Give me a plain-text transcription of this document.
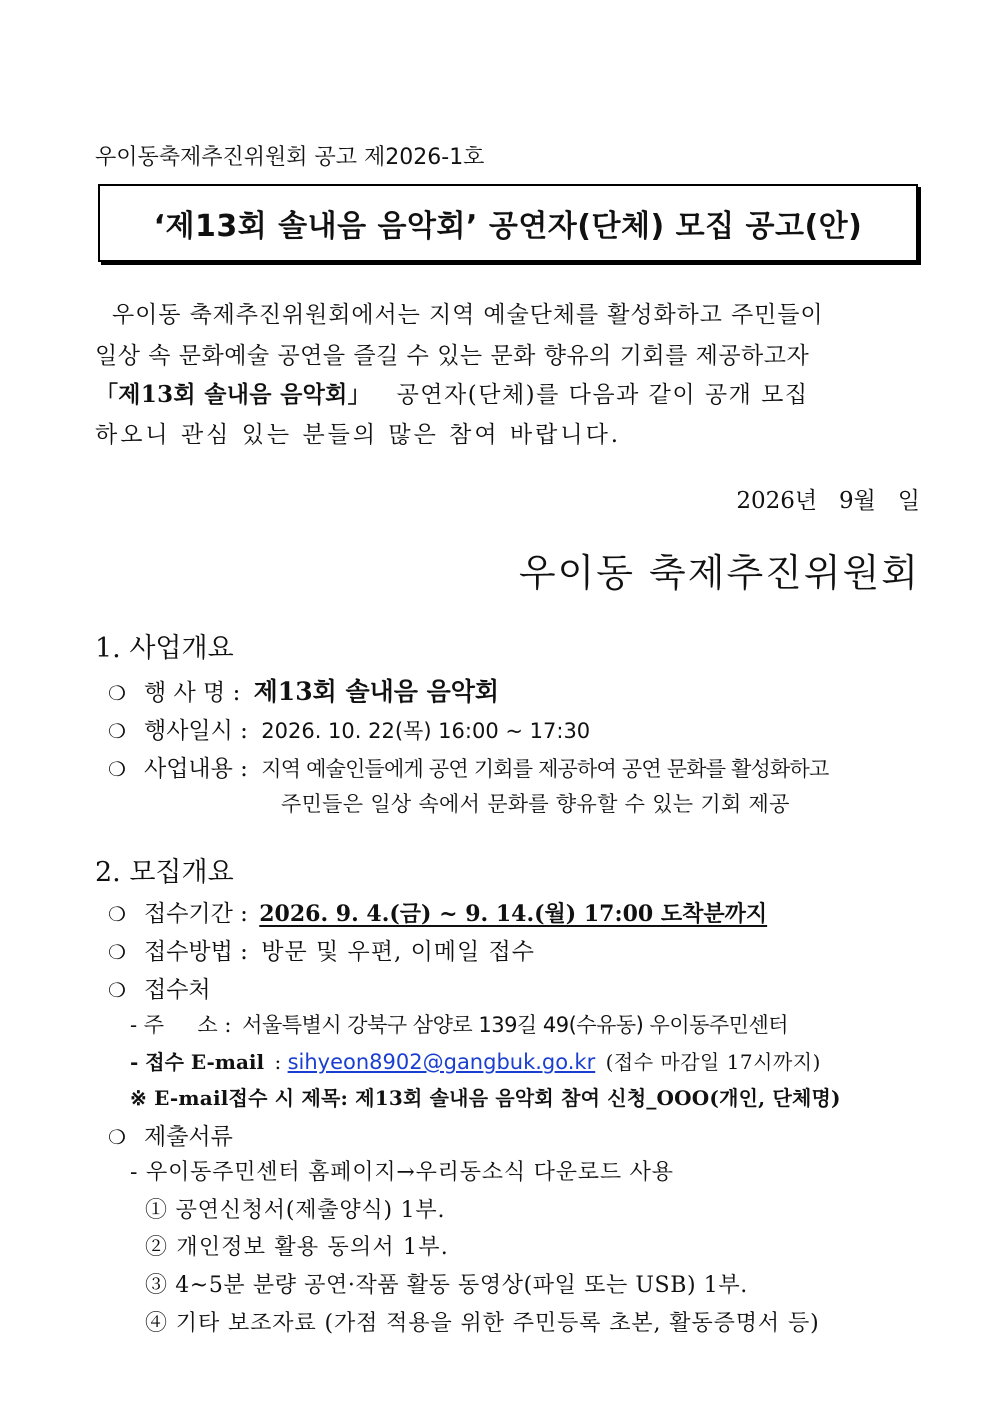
우이동축제추진위원회 공고 제2026-1호
‘제13회 솔내음 음악회’ 공연자(단체) 모집 공고(안)
우이동 축제추진위원회에서는 지역 예술단체를 활성화하고 주민들이
일상 속 문화예술 공연을 즐길 수 있는 문화 향유의 기회를 제공하고자
「제13회 솔내음 음악회」 공연자(단체)를 다음과 같이 공개 모집
하오니 관심 있는 분들의 많은 참여 바랍니다.
2026년   9월   일
우이동 축제추진위원회
1. 사업개요
❍ 행 사 명 : 제13회 솔내음 음악회
❍ 행사일시 : 2026. 10. 22(목) 16:00 ~ 17:30
❍ 사업내용 : 지역 예술인들에게 공연 기회를 제공하여 공연 문화를 활성화하고
주민들은 일상 속에서 문화를 향유할 수 있는 기회 제공
2. 모집개요
❍ 접수기간 : 2026. 9. 4.(금) ~ 9. 14.(월) 17:00 도착분까지
❍ 접수방법 : 방문 및 우편, 이메일 접수
❍ 접수처
- 주     소 : 서울특별시 강북구 삼양로 139길 49(수유동) 우이동주민센터
- 접수 E-mail : sihyeon8902@gangbuk.go.kr (접수 마감일 17시까지)
※ E-mail접수 시 제목: 제13회 솔내음 음악회 참여 신청_OOO(개인, 단체명)
❍ 제출서류
- 우이동주민센터 홈페이지→우리동소식 다운로드 사용
① 공연신청서(제출양식) 1부.
② 개인정보 활용 동의서 1부.
③ 4~5분 분량 공연·작품 활동 동영상(파일 또는 USB) 1부.
④ 기타 보조자료 (가점 적용을 위한 주민등록 초본, 활동증명서 등)
